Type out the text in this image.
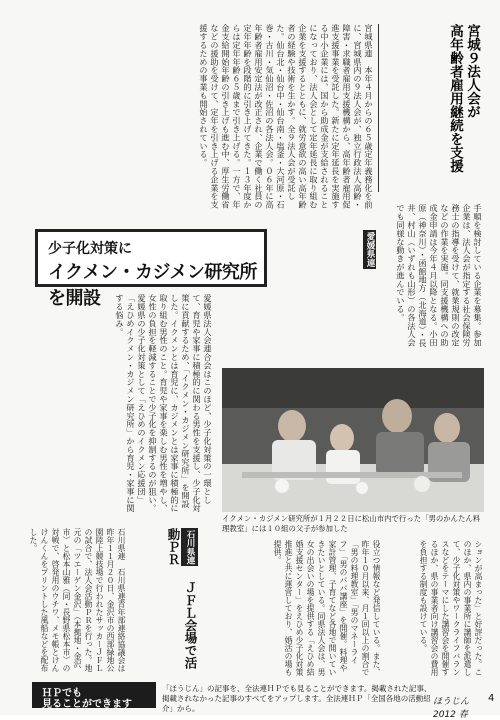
宮城９法人会が
高年齢者雇用継続を支援
宮城県連　本年４月からの６５歳定年義務化を前に、宮城県内の９法人会が、独立行政法人高齢・障害・求職者雇用支援機構から、高年齢者雇用促進支援事業を受託した。新たに定年延長を実施する中小企業には、国から助成金が支給されることになっており、法人会として定年延長に取り組む企業を支援するとともに、就労意欲の高い高年齢者の経験や技術を生かす。全９法人会が受託した。仙台北・仙台中・仙台南・塩釜・大河原・石巻・古川・気仙沼・佐沼の各法人会。０６年に高年齢者雇用安定法が改正され、企業で働く社員の定年年齢を段階的に引き上げてきた。１３年度からは定年年齢６５歳まで引き上げる。一方で、年金支給開始年齢の引き上げも進む中、厚生労働省などの援助を受けて、定年を引き上げる企業を支援するための事業も開始されている。
手順を検討している企業を募集。参加企業は、法人会が指定する社会保険労務士の指導を受けて、就業規則の改定などの作業を実施。同支援機構への助成金申請は今年４月以降となる。小田原（神奈川）・函館地方（北海道）・長井、村山（いずれも山形）の各法人会でも同様な動きが進んでいる。
少子化対策に
イクメン・カジメン研究所を開設	愛媛県法人会連合会はこのほど、少子化対策の一環として、育児や家事に積極的に関わる男性を支援し、少子化対策に貢献するため、「イクメン・カジメン研究所」を開設した。イクメンとは育児に、カジメンとは家事に積極的に取り組む男性のこと。育児や家事を楽しむ男性を増やし、女性の負担を軽減することで少子化を抑制するのが狙い。愛媛県の少子化対策として「えひめのイクメン応援団」「えひめイクメン・カジメン研究所」から育児・家事に関する悩み。
愛媛県連
イクメン・カジメン研究所が１月２２日に松山市内で行った「男のかんたん料理教室」には１０組の父子が参加した
ションが高まった」と好評だった。このほか、県内の事業所に講師を派遣して、少子化対策やワークライフバランスなどをテーマにした講習会を開催するほか、県の事業者向け講習会の費用を負担する制度も設けている。
役立つ情報など発信している。また、昨年１０月以来、月１回以上の割合で「男の料理教室」「男のマネーライフ」「男のパパ講座」を開催。料理や家計管理、子育てなど各地で開いていきたいとしている。同県法人会は、男女の出会いの場を提供する「えひめ結婚支援センター」をえひめ少子化対策推進と共に運営しており、婚活の場も提供。
石川県連 ＪＦＬ会場で活動ＰＲ
石川県連　石川県連青年部連絡協議会は昨年１１月２０日、金沢市の西部緑地公園陸上競技場で行われたサッカーＪＦＬの試合で、法人会活動ＰＲを行った。地元の「ツエーゲン金沢」（本拠地・金沢市）と松本山雅（同・長野県松本市）の対戦で、啓発用のウチワ、メモ帳とけんけんくんをプリントした風船などを配布した。
ＨＰでも
見ることができます
「ほうじん」の記事を、全法連ＨＰでも見ることができます。掲載された記事、掲載されなかった記事のすべてをアップします。全法連ＨＰ「全国各地の活動紹介」から。
ほうじん　2012 春
4
